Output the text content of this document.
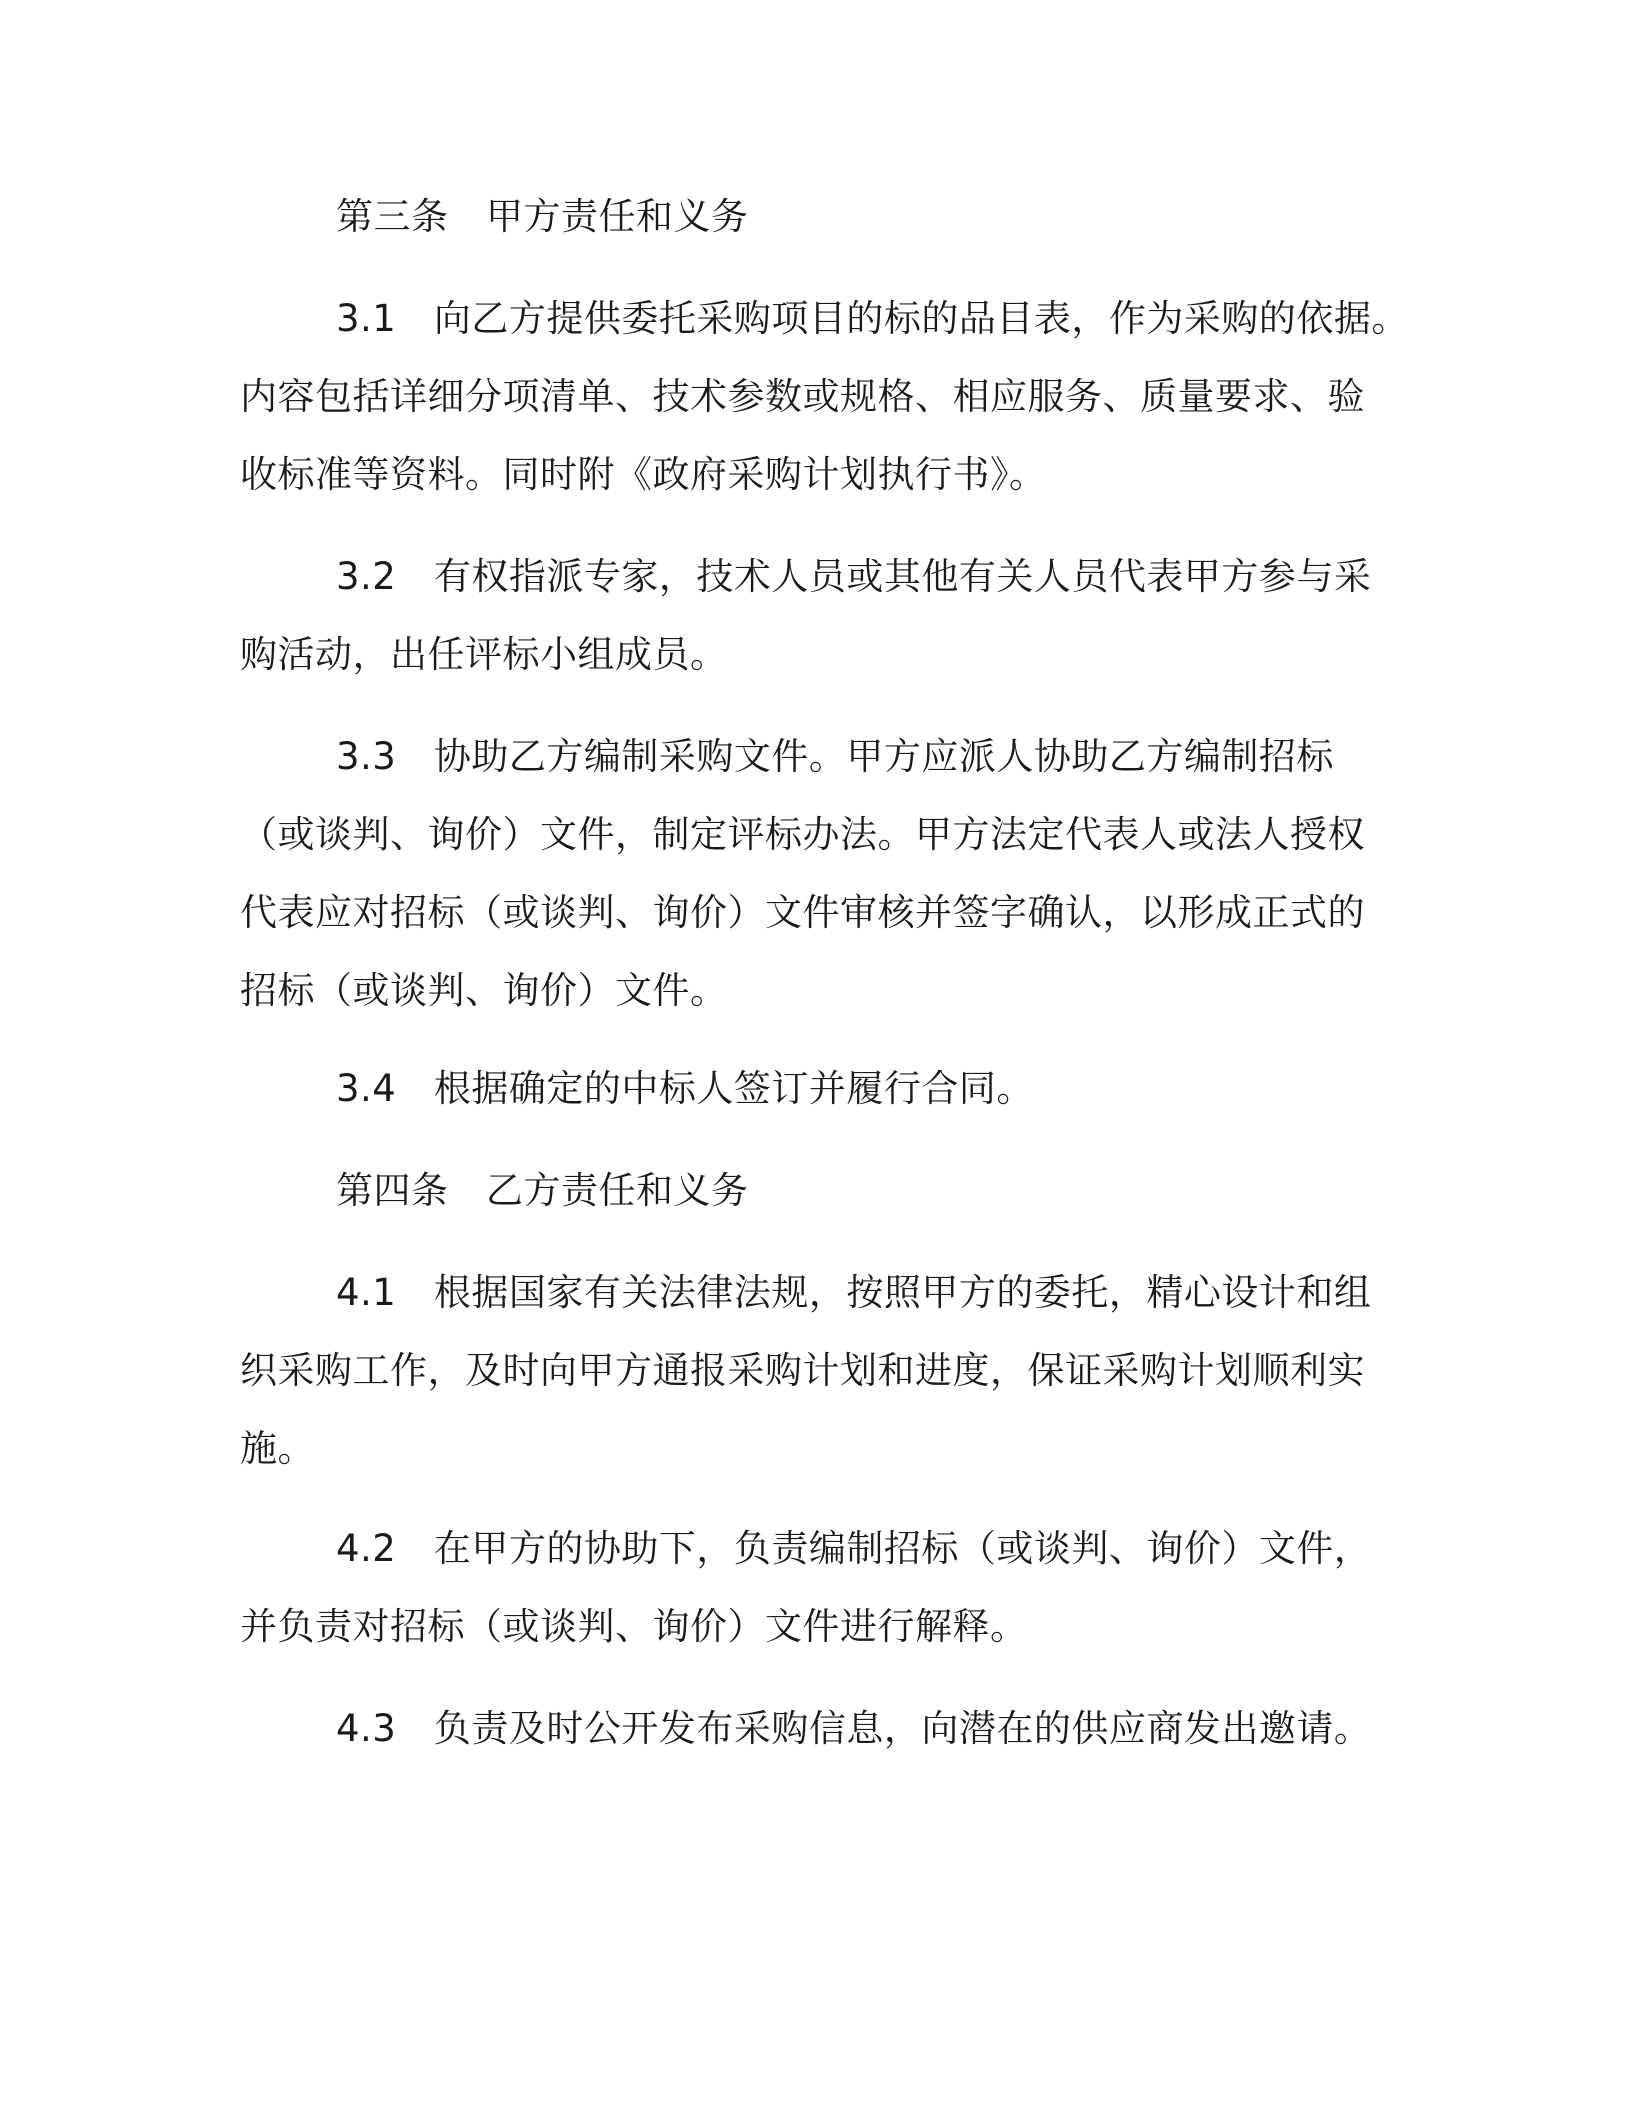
第三条　甲方责任和义务
3.1　向乙方提供委托采购项目的标的品目表，作为采购的依据。
内容包括详细分项清单、技术参数或规格、相应服务、质量要求、验
收标准等资料。同时附《政府采购计划执行书》。
3.2　有权指派专家，技术人员或其他有关人员代表甲方参与采
购活动，出任评标小组成员。
3.3　协助乙方编制采购文件。甲方应派人协助乙方编制招标
（或谈判、询价）文件，制定评标办法。甲方法定代表人或法人授权
代表应对招标（或谈判、询价）文件审核并签字确认，以形成正式的
招标（或谈判、询价）文件。
3.4　根据确定的中标人签订并履行合同。
第四条　乙方责任和义务
4.1　根据国家有关法律法规，按照甲方的委托，精心设计和组
织采购工作，及时向甲方通报采购计划和进度，保证采购计划顺利实
施。
4.2　在甲方的协助下，负责编制招标（或谈判、询价）文件，
并负责对招标（或谈判、询价）文件进行解释。
4.3　负责及时公开发布采购信息，向潜在的供应商发出邀请。
